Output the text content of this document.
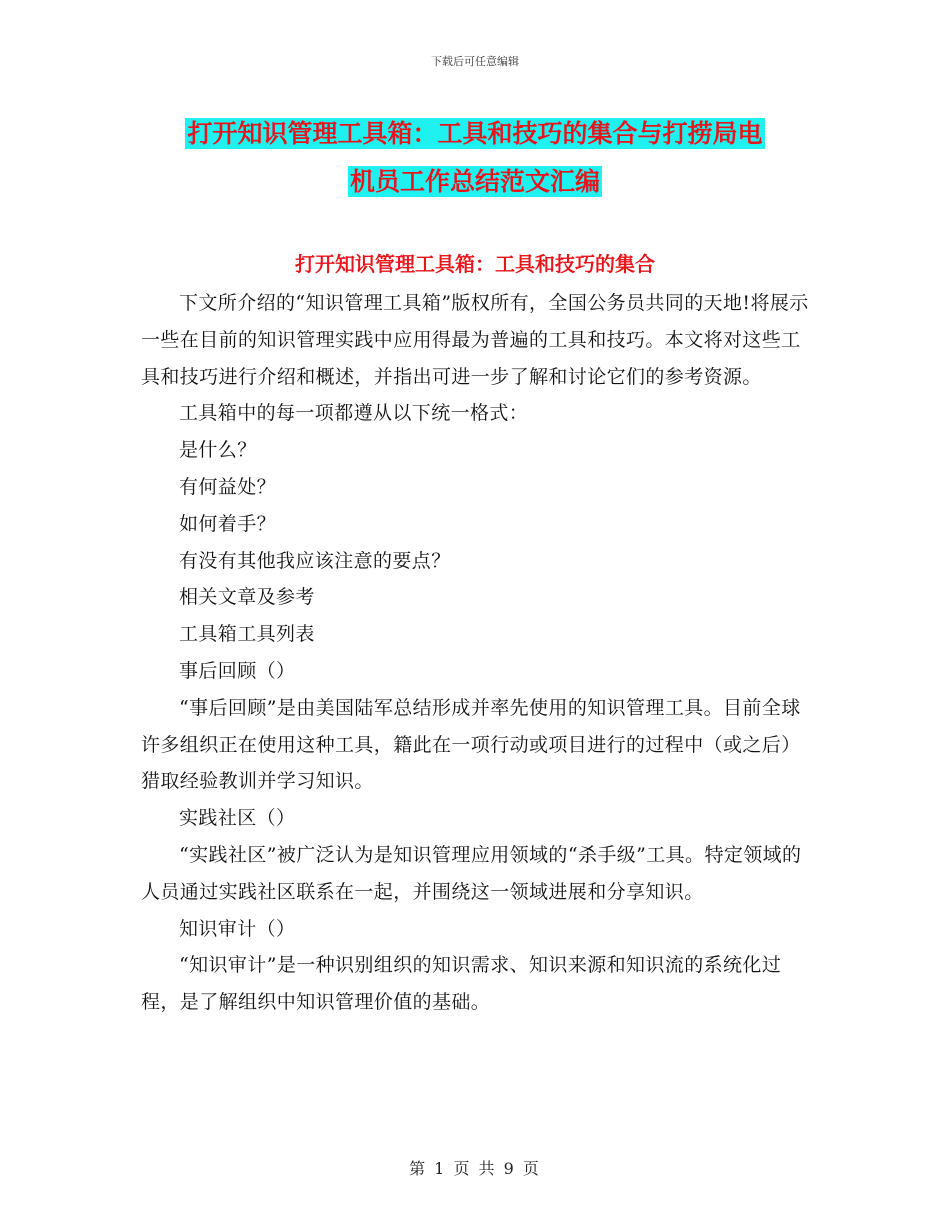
下载后可任意编辑
打开知识管理工具箱：工具和技巧的集合与打捞局电
机员工作总结范文汇编
打开知识管理工具箱：工具和技巧的集合

下文所介绍的“知识管理工具箱”版权所有，全国公务员共同的天地!将展示一些在目前的知识管理实践中应用得最为普遍的工具和技巧。本文将对这些工具和技巧进行介绍和概述，并指出可进一步了解和讨论它们的参考资源。

工具箱中的每一项都遵从以下统一格式：

是什么？

有何益处？

如何着手？

有没有其他我应该注意的要点？

相关文章及参考

工具箱工具列表

事后回顾（）

“事后回顾”是由美国陆军总结形成并率先使用的知识管理工具。目前全球许多组织正在使用这种工具，籍此在一项行动或项目进行的过程中（或之后）猎取经验教训并学习知识。

实践社区（）

“实践社区”被广泛认为是知识管理应用领域的“杀手级”工具。特定领域的人员通过实践社区联系在一起，并围绕这一领域进展和分享知识。

知识审计（）

“知识审计”是一种识别组织的知识需求、知识来源和知识流的系统化过程，是了解组织中知识管理价值的基础。

第 1 页 共 9 页
